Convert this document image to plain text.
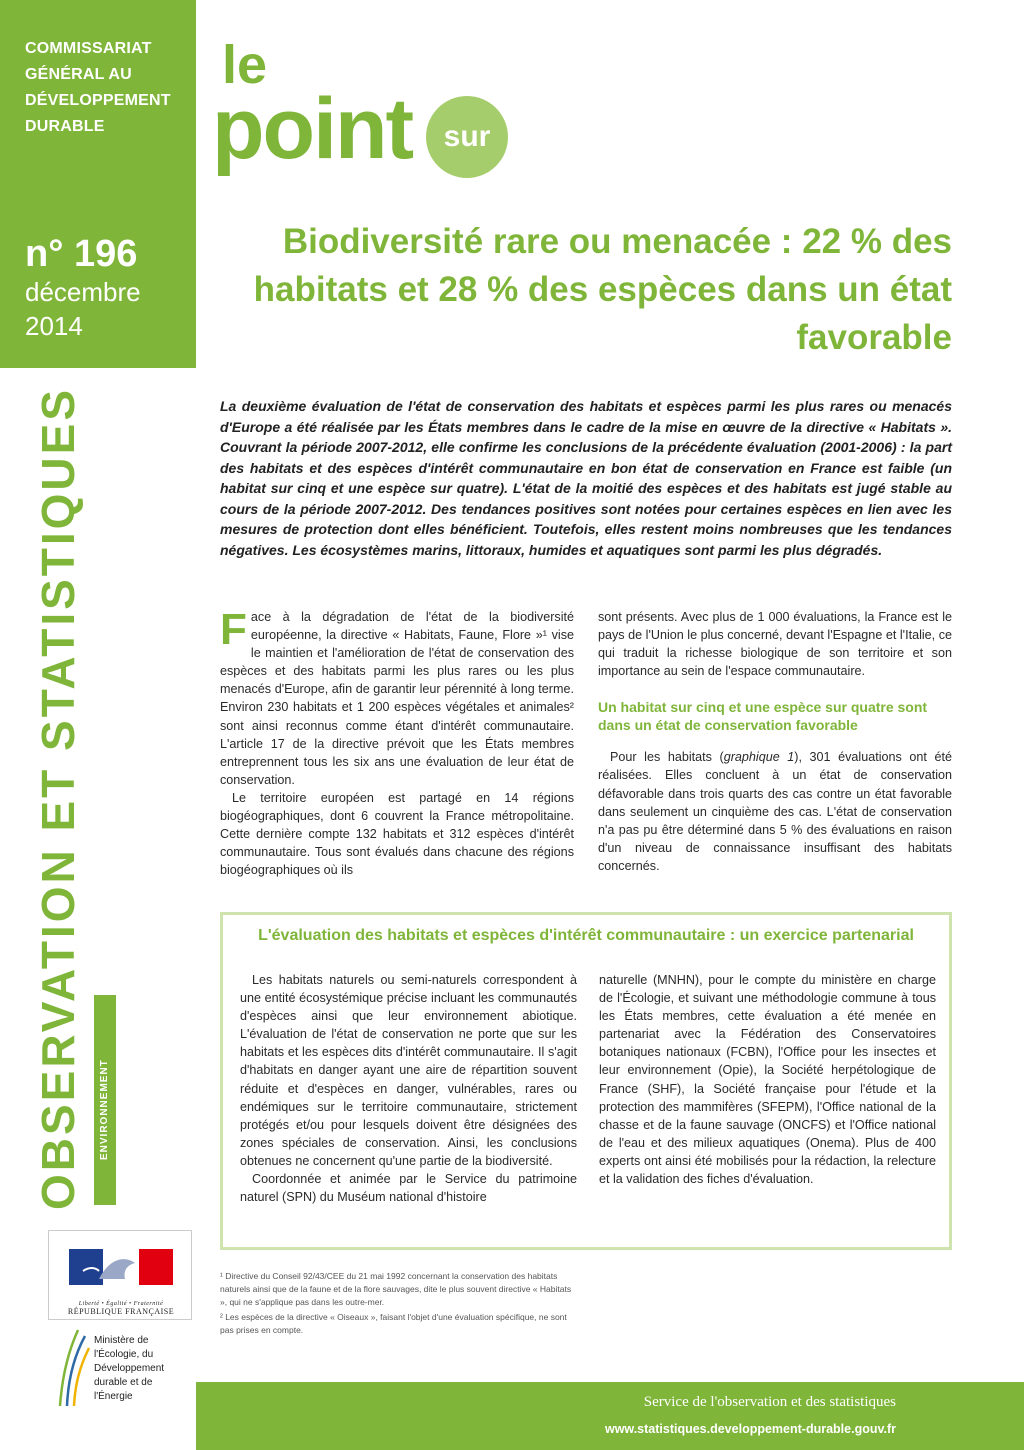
COMMISSARIAT GÉNÉRAL AU DÉVELOPPEMENT DURABLE
n° 196
décembre
2014
OBSERVATION ET STATISTIQUES	ENVIRONNEMENT
Liberté • Égalité • Fraternité
RÉPUBLIQUE FRANÇAISE
Ministère de l'Écologie, du Développement durable et de l'Énergie
le
point	sur
Biodiversité rare ou menacée : 22 % des habitats et 28 % des espèces dans un état favorable
La deuxième évaluation de l'état de conservation des habitats et espèces parmi les plus rares ou menacés d'Europe a été réalisée par les États membres dans le cadre de la mise en œuvre de la directive « Habitats ». Couvrant la période 2007-2012, elle confirme les conclusions de la précédente évaluation (2001-2006) : la part des habitats et des espèces d'intérêt communautaire en bon état de conservation en France est faible (un habitat sur cinq et une espèce sur quatre). L'état de la moitié des espèces et des habitats est jugé stable au cours de la période 2007-2012. Des tendances positives sont notées pour certaines espèces en lien avec les mesures de protection dont elles bénéficient. Toutefois, elles restent moins nombreuses que les tendances négatives. Les écosystèmes marins, littoraux, humides et aquatiques sont parmi les plus dégradés.

Face à la dégradation de l'état de la biodiversité européenne, la directive « Habitats, Faune, Flore »¹ vise le maintien et l'amélioration de l'état de conservation des espèces et des habitats parmi les plus rares ou les plus menacés d'Europe, afin de garantir leur pérennité à long terme. Environ 230 habitats et 1 200 espèces végétales et animales² sont ainsi reconnus comme étant d'intérêt communautaire. L'article 17 de la directive prévoit que les États membres entreprennent tous les six ans une évaluation de leur état de conservation.

Le territoire européen est partagé en 14 régions biogéographiques, dont 6 couvrent la France métropolitaine. Cette dernière compte 132 habitats et 312 espèces d'intérêt communautaire. Tous sont évalués dans chacune des régions biogéographiques où ils

sont présents. Avec plus de 1 000 évaluations, la France est le pays de l'Union le plus concerné, devant l'Espagne et l'Italie, ce qui traduit la richesse biologique de son territoire et son importance au sein de l'espace communautaire.

Un habitat sur cinq et une espèce sur quatre sont dans un état de conservation favorable

Pour les habitats (graphique 1), 301 évaluations ont été réalisées. Elles concluent à un état de conservation défavorable dans trois quarts des cas contre un état favorable dans seulement un cinquième des cas. L'état de conservation n'a pas pu être déterminé dans 5 % des évaluations en raison d'un niveau de connaissance insuffisant des habitats concernés.

L'évaluation des habitats et espèces d'intérêt communautaire : un exercice partenarial

Les habitats naturels ou semi-naturels correspondent à une entité écosystémique précise incluant les communautés d'espèces ainsi que leur environnement abiotique. L'évaluation de l'état de conservation ne porte que sur les habitats et les espèces dits d'intérêt communautaire. Il s'agit d'habitats en danger ayant une aire de répartition souvent réduite et d'espèces en danger, vulnérables, rares ou endémiques sur le territoire communautaire, strictement protégés et/ou pour lesquels doivent être désignées des zones spéciales de conservation. Ainsi, les conclusions obtenues ne concernent qu'une partie de la biodiversité.

Coordonnée et animée par le Service du patrimoine naturel (SPN) du Muséum national d'histoire

naturelle (MNHN), pour le compte du ministère en charge de l'Écologie, et suivant une méthodologie commune à tous les États membres, cette évaluation a été menée en partenariat avec la Fédération des Conservatoires botaniques nationaux (FCBN), l'Office pour les insectes et leur environnement (Opie), la Société herpétologique de France (SHF), la Société française pour l'étude et la protection des mammifères (SFEPM), l'Office national de la chasse et de la faune sauvage (ONCFS) et l'Office national de l'eau et des milieux aquatiques (Onema). Plus de 400 experts ont ainsi été mobilisés pour la rédaction, la relecture et la validation des fiches d'évaluation.

¹ Directive du Conseil 92/43/CEE du 21 mai 1992 concernant la conservation des habitats naturels ainsi que de la faune et de la flore sauvages, dite le plus souvent directive « Habitats », qui ne s'applique pas dans les outre-mer.
² Les espèces de la directive « Oiseaux », faisant l'objet d'une évaluation spécifique, ne sont pas prises en compte.
Service de l'observation et des statistiques
www.statistiques.developpement-durable.gouv.fr
